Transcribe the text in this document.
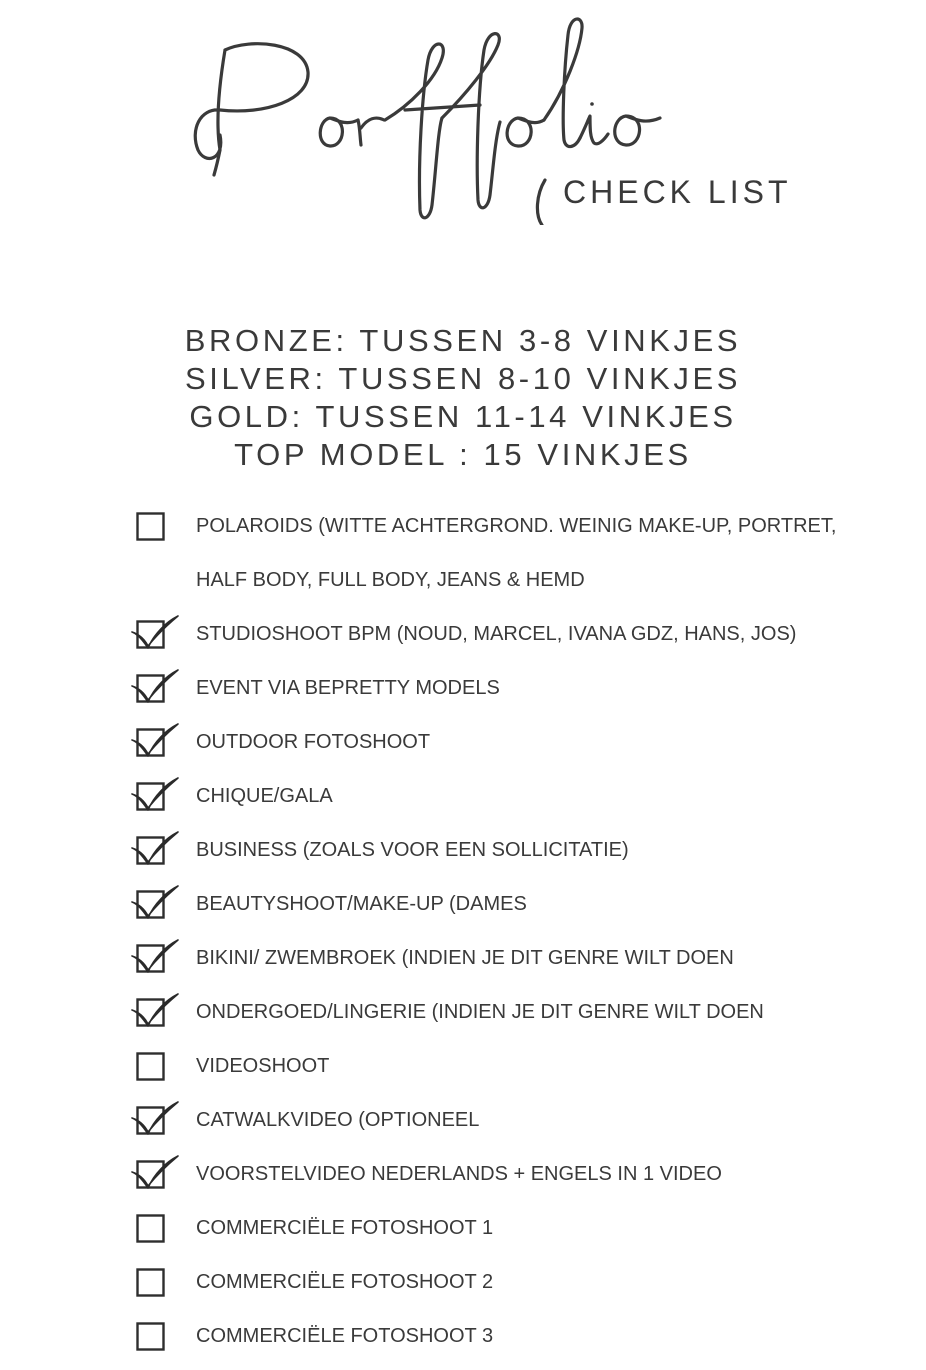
CHECK LIST
BRONZE: TUSSEN 3-8 VINKJES
SILVER: TUSSEN 8-10 VINKJES
GOLD: TUSSEN 11-14 VINKJES
TOP MODEL : 15 VINKJES
POLAROIDS (WITTE ACHTERGROND. WEINIG MAKE-UP, PORTRET,
HALF BODY, FULL BODY, JEANS & HEMD
STUDIOSHOOT BPM (NOUD, MARCEL, IVANA GDZ, HANS, JOS)
EVENT VIA BEPRETTY MODELS
OUTDOOR FOTOSHOOT
CHIQUE/GALA
BUSINESS (ZOALS VOOR EEN SOLLICITATIE)
BEAUTYSHOOT/MAKE-UP (DAMES
BIKINI/ ZWEMBROEK (INDIEN JE DIT GENRE WILT DOEN
ONDERGOED/LINGERIE (INDIEN JE DIT GENRE WILT DOEN
VIDEOSHOOT
CATWALKVIDEO (OPTIONEEL
VOORSTELVIDEO NEDERLANDS + ENGELS IN 1 VIDEO
COMMERCIËLE FOTOSHOOT 1
COMMERCIËLE FOTOSHOOT 2
COMMERCIËLE FOTOSHOOT 3
